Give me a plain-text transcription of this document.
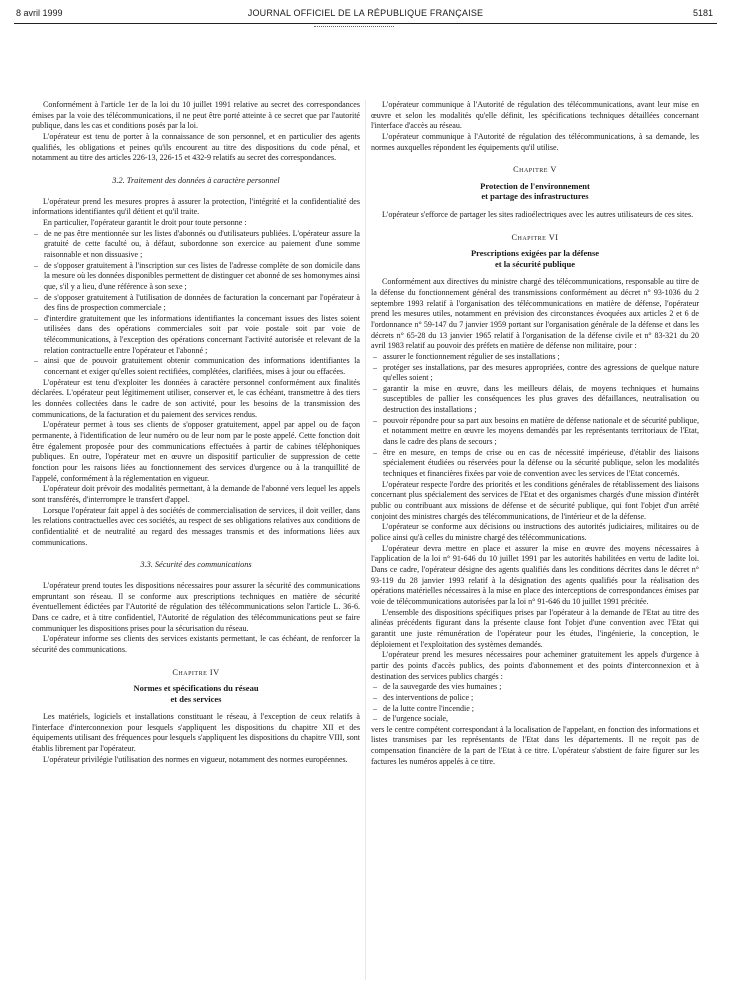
8 avril 1999	JOURNAL OFFICIEL DE LA RÉPUBLIQUE FRANÇAISE	5181

Conformément à l'article 1er de la loi du 10 juillet 1991 relative au secret des correspondances émises par la voie des télécommunications, il ne peut être porté atteinte à ce secret que par l'autorité publique, dans les cas et conditions posés par la loi.

L'opérateur est tenu de porter à la connaissance de son personnel, et en particulier des agents qualifiés, les obligations et peines qu'ils encourent au titre des dispositions du code pénal, et notamment au titre des articles 226-13, 226-15 et 432-9 relatifs au secret des correspondances.

3.2. Traitement des données à caractère personnel

L'opérateur prend les mesures propres à assurer la protection, l'intégrité et la confidentialité des informations identifiantes qu'il détient et qu'il traite.

En particulier, l'opérateur garantit le droit pour toute personne :

– de ne pas être mentionnée sur les listes d'abonnés ou d'utilisateurs publiées. L'opérateur assure la gratuité de cette faculté ou, à défaut, subordonne son exercice au paiement d'une somme raisonnable et non dissuasive ;
– de s'opposer gratuitement à l'inscription sur ces listes de l'adresse complète de son domicile dans la mesure où les données disponibles permettent de distinguer cet abonné de ses homonymes ainsi que, s'il y a lieu, d'une référence à son sexe ;
– de s'opposer gratuitement à l'utilisation de données de facturation la concernant par l'opérateur à des fins de prospection commerciale ;
– d'interdire gratuitement que les informations identifiantes la concernant issues des listes soient utilisées dans des opérations commerciales soit par voie postale soit par voie de télécommunications, à l'exception des opérations concernant l'activité autorisée et relevant de la relation contractuelle entre l'opérateur et l'abonné ;
– ainsi que de pouvoir gratuitement obtenir communication des informations identifiantes la concernant et exiger qu'elles soient rectifiées, complétées, clarifiées, mises à jour ou effacées.

L'opérateur est tenu d'exploiter les données à caractère personnel conformément aux finalités déclarées. L'opérateur peut légitimement utiliser, conserver et, le cas échéant, transmettre à des tiers les données collectées dans le cadre de son activité, pour les besoins de la transmission des communications, de la facturation et du paiement des services rendus.

L'opérateur permet à tous ses clients de s'opposer gratuitement, appel par appel ou de façon permanente, à l'identification de leur numéro ou de leur nom par le poste appelé. Cette fonction doit être également proposée pour des communications effectuées à partir de cabines téléphoniques publiques. En outre, l'opérateur met en œuvre un dispositif particulier de suppression de cette fonction pour les raisons liées au fonctionnement des services d'urgence ou à la tranquillité de l'appelé, conformément à la réglementation en vigueur.

L'opérateur doit prévoir des modalités permettant, à la demande de l'abonné vers lequel les appels sont transférés, d'interrompre le transfert d'appel.

Lorsque l'opérateur fait appel à des sociétés de commercialisation de services, il doit veiller, dans les relations contractuelles avec ces sociétés, au respect de ses obligations relatives aux conditions de confidentialité et de neutralité au regard des messages transmis et des informations liées aux communications.

3.3. Sécurité des communications

L'opérateur prend toutes les dispositions nécessaires pour assurer la sécurité des communications empruntant son réseau. Il se conforme aux prescriptions techniques en matière de sécurité éventuellement édictées par l'Autorité de régulation des télécommunications selon l'article L. 36-6. Dans ce cadre, et à titre confidentiel, l'Autorité de régulation des télécommunications peut se faire communiquer les dispositions prises pour la sécurisation du réseau.

L'opérateur informe ses clients des services existants permettant, le cas échéant, de renforcer la sécurité des communications.

Chapitre IV
Normes et spécifications du réseau
et des services

Les matériels, logiciels et installations constituant le réseau, à l'exception de ceux relatifs à l'interface d'interconnexion pour lesquels s'appliquent les dispositions du chapitre XII et des équipements utilisant des fréquences pour lesquels s'appliquent les dispositions du chapitre VIII, sont établis librement par l'opérateur.

L'opérateur privilégie l'utilisation des normes en vigueur, notamment des normes européennes.

L'opérateur communique à l'Autorité de régulation des télécommunications, avant leur mise en œuvre et selon les modalités qu'elle définit, les spécifications techniques détaillées concernant l'interface d'accès au réseau.

L'opérateur communique à l'Autorité de régulation des télécommunications, à sa demande, les normes auxquelles répondent les équipements qu'il utilise.

Chapitre V
Protection de l'environnement
et partage des infrastructures

L'opérateur s'efforce de partager les sites radioélectriques avec les autres utilisateurs de ces sites.

Chapitre VI
Prescriptions exigées par la défense
et la sécurité publique

Conformément aux directives du ministre chargé des télécommunications, responsable au titre de la défense du fonctionnement général des transmissions conformément au décret n° 93-1036 du 2 septembre 1993 relatif à l'organisation des télécommunications en matière de défense, l'opérateur prend les mesures utiles, notamment en prévision des circonstances évoquées aux articles 2 et 6 de l'ordonnance n° 59-147 du 7 janvier 1959 portant sur l'organisation générale de la défense et dans les décrets n° 65-28 du 13 janvier 1965 relatif à l'organisation de la défense civile et n° 83-321 du 20 avril 1983 relatif au pouvoir des préfets en matière de défense non militaire, pour :

– assurer le fonctionnement régulier de ses installations ;
– protéger ses installations, par des mesures appropriées, contre des agressions de quelque nature qu'elles soient ;
– garantir la mise en œuvre, dans les meilleurs délais, de moyens techniques et humains susceptibles de pallier les conséquences les plus graves des défaillances, neutralisation ou destruction des installations ;
– pouvoir répondre pour sa part aux besoins en matière de défense nationale et de sécurité publique, et notamment mettre en œuvre les moyens demandés par les représentants territoriaux de l'Etat, dans le cadre des plans de secours ;
– être en mesure, en temps de crise ou en cas de nécessité impérieuse, d'établir des liaisons spécialement étudiées ou réservées pour la défense ou la sécurité publique, selon les modalités techniques et financières fixées par voie de convention avec les services de l'Etat concernés.

L'opérateur respecte l'ordre des priorités et les conditions générales de rétablissement des liaisons concernant plus spécialement des services de l'Etat et des organismes chargés d'une mission d'intérêt public ou contribuant aux missions de défense et de sécurité publique, qui font l'objet d'un arrêté conjoint des ministres chargés des télécommunications, de l'intérieur et de la défense.

L'opérateur se conforme aux décisions ou instructions des autorités judiciaires, militaires ou de police ainsi qu'à celles du ministre chargé des télécommunications.

L'opérateur devra mettre en place et assurer la mise en œuvre des moyens nécessaires à l'application de la loi n° 91-646 du 10 juillet 1991 par les autorités habilitées en vertu de ladite loi. Dans ce cadre, l'opérateur désigne des agents qualifiés dans les conditions décrites dans le décret n° 93-119 du 28 janvier 1993 relatif à la désignation des agents qualifiés pour la réalisation des opérations matérielles nécessaires à la mise en place des interceptions de correspondances émises par voie de télécommunications autorisées par la loi n° 91-646 du 10 juillet 1991 précitée.

L'ensemble des dispositions spécifiques prises par l'opérateur à la demande de l'Etat au titre des alinéas précédents figurant dans la présente clause font l'objet d'une convention avec l'Etat qui garantit une juste rémunération de l'opérateur pour les études, l'ingénierie, la conception, le déploiement et l'exploitation des systèmes demandés.

L'opérateur prend les mesures nécessaires pour acheminer gratuitement les appels d'urgence à partir des points d'accès publics, des points d'abonnement et des points d'interconnexion et à destination des services publics chargés :

– de la sauvegarde des vies humaines ;
– des interventions de police ;
– de la lutte contre l'incendie ;
– de l'urgence sociale,

vers le centre compétent correspondant à la localisation de l'appelant, en fonction des informations et listes transmises par les représentants de l'Etat dans les départements. Il ne reçoit pas de compensation financière de la part de l'Etat à ce titre. L'opérateur s'abstient de faire figurer sur les factures les numéros appelés à ce titre.
